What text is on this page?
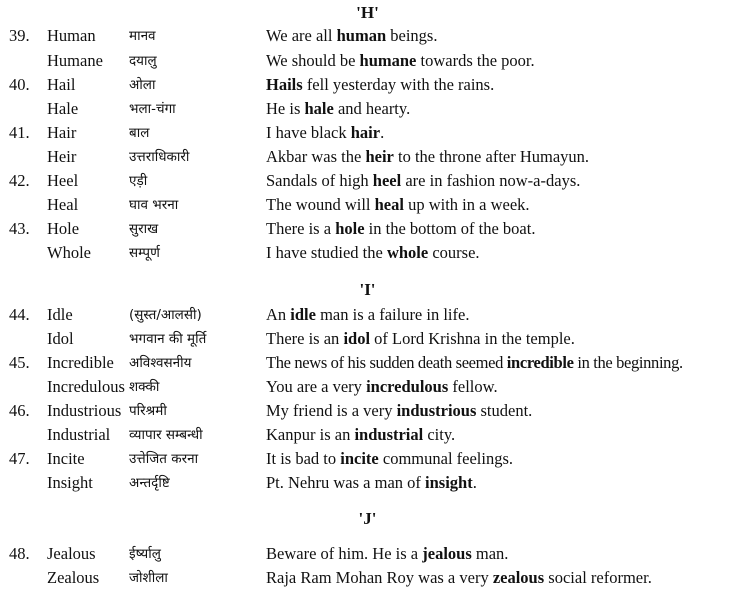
'H'
39.	Human मानव	We are all human beings.
Humane दयालु	We should be humane towards the poor.
40.	Hail	ओला	Hails fell yesterday with the rains.
Hale	भला-चंगा	He is hale and hearty.
41.	Hair	बाल	I have black hair.
Heir	उत्तराधिकारी	Akbar was the heir to the throne after Humayun.
42.	Heel	एड़ी	Sandals of high heel are in fashion now-a-days.
Heal	घाव भरना	The wound will heal up with in a week.
43.	Hole	सुराख	There is a hole in the bottom of the boat.
Whole	सम्पूर्ण	I have studied the whole course.
'I'
44.	Idle	(सुस्त/आलसी)	An idle man is a failure in life.
Idol	भगवान की मूर्ति	There is an idol of Lord Krishna in the temple.
45.	Incredible अविश्वसनीय	The news of his sudden death seemed incredible in the beginning.
Incredulous शक्की	You are a very incredulous fellow.
46.	Industrious परिश्रमी	My friend is a very industrious student.
Industrial व्यापार सम्बन्धी	Kanpur is an industrial city.
47.	Incite	उत्तेजित करना	It is bad to incite communal feelings.
Insight	अन्तर्दृष्टि	Pt. Nehru was a man of insight.
'J'
48.	Jealous ईर्ष्यालु	Beware of him. He is a jealous man.
Zealous जोशीला	Raja Ram Mohan Roy was a very zealous social reformer.
